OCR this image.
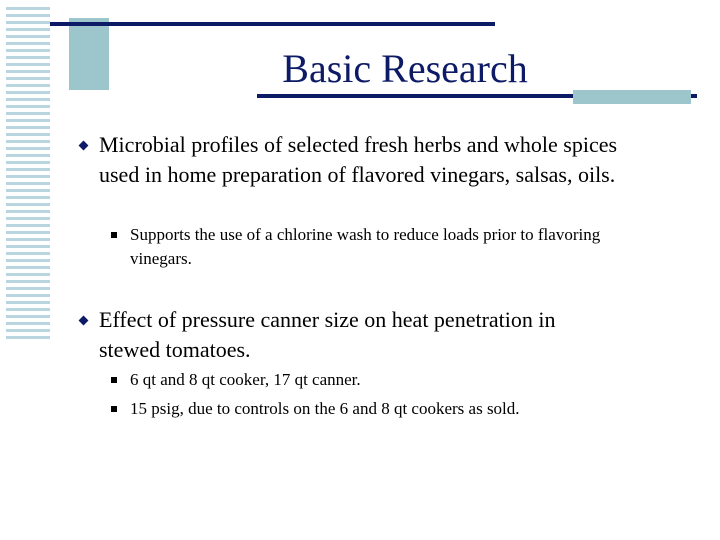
Basic Research
Microbial profiles of selected fresh herbs and whole spices used in home preparation of flavored vinegars, salsas, oils.
Supports the use of a chlorine wash to reduce loads prior to flavoring vinegars.
Effect of pressure canner size on heat penetration in stewed tomatoes.
6 qt and 8 qt cooker, 17 qt canner.
15 psig, due to controls on the 6 and 8 qt cookers as sold.
